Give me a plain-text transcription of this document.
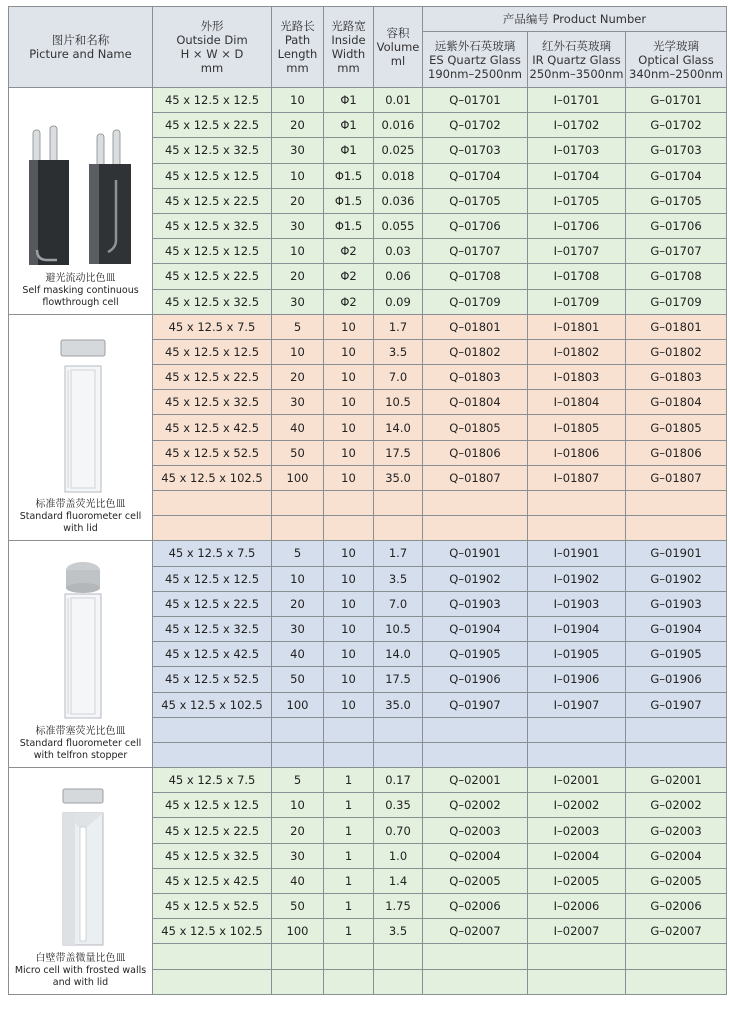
图片和名称
Picture and Name	外形
Outside Dim
H × W × D
mm	光路长
Path
Length
mm	光路宽
Inside
Width
mm	容积
Volume
ml	产品编号 Product Number		

					远紫外石英玻璃
ES Quartz Glass
190nm–2500nm	红外石英玻璃
IR Quartz Glass
250nm–3500nm	光学玻璃
Optical Glass
340nm–2500nm

避光流动比色皿
Self masking continuous flowthrough cell	45 x 12.5 x 12.5	10	Φ1	0.01	Q–01701	I–01701	G–01701
	45 x 12.5 x 22.5	20	Φ1	0.016	Q–01702	I–01702	G–01702
	45 x 12.5 x 32.5	30	Φ1	0.025	Q–01703	I–01703	G–01703
	45 x 12.5 x 12.5	10	Φ1.5	0.018	Q–01704	I–01704	G–01704
	45 x 12.5 x 22.5	20	Φ1.5	0.036	Q–01705	I–01705	G–01705
	45 x 12.5 x 32.5	30	Φ1.5	0.055	Q–01706	I–01706	G–01706
	45 x 12.5 x 12.5	10	Φ2	0.03	Q–01707	I–01707	G–01707
	45 x 12.5 x 22.5	20	Φ2	0.06	Q–01708	I–01708	G–01708
	45 x 12.5 x 32.5	30	Φ2	0.09	Q–01709	I–01709	G–01709

标准带盖荧光比色皿
Standard fluorometer cell with lid	45 x 12.5 x 7.5	5	10	1.7	Q–01801	I–01801	G–01801
	45 x 12.5 x 12.5	10	10	3.5	Q–01802	I–01802	G–01802
	45 x 12.5 x 22.5	20	10	7.0	Q–01803	I–01803	G–01803
	45 x 12.5 x 32.5	30	10	10.5	Q–01804	I–01804	G–01804
	45 x 12.5 x 42.5	40	10	14.0	Q–01805	I–01805	G–01805
	45 x 12.5 x 52.5	50	10	17.5	Q–01806	I–01806	G–01806
	45 x 12.5 x 102.5	100	10	35.0	Q–01807	I–01807	G–01807

标准带塞荧光比色皿
Standard fluorometer cell with telfron stopper	45 x 12.5 x 7.5	5	10	1.7	Q–01901	I–01901	G–01901
	45 x 12.5 x 12.5	10	10	3.5	Q–01902	I–01902	G–01902
	45 x 12.5 x 22.5	20	10	7.0	Q–01903	I–01903	G–01903
	45 x 12.5 x 32.5	30	10	10.5	Q–01904	I–01904	G–01904
	45 x 12.5 x 42.5	40	10	14.0	Q–01905	I–01905	G–01905
	45 x 12.5 x 52.5	50	10	17.5	Q–01906	I–01906	G–01906
	45 x 12.5 x 102.5	100	10	35.0	Q–01907	I–01907	G–01907

白壁带盖微量比色皿
Micro cell with frosted walls and with lid	45 x 12.5 x 7.5	5	1	0.17	Q–02001	I–02001	G–02001
	45 x 12.5 x 12.5	10	1	0.35	Q–02002	I–02002	G–02002
	45 x 12.5 x 22.5	20	1	0.70	Q–02003	I–02003	G–02003
	45 x 12.5 x 32.5	30	1	1.0	Q–02004	I–02004	G–02004
	45 x 12.5 x 42.5	40	1	1.4	Q–02005	I–02005	G–02005
	45 x 12.5 x 52.5	50	1	1.75	Q–02006	I–02006	G–02006
	45 x 12.5 x 102.5	100	1	3.5	Q–02007	I–02007	G–02007
